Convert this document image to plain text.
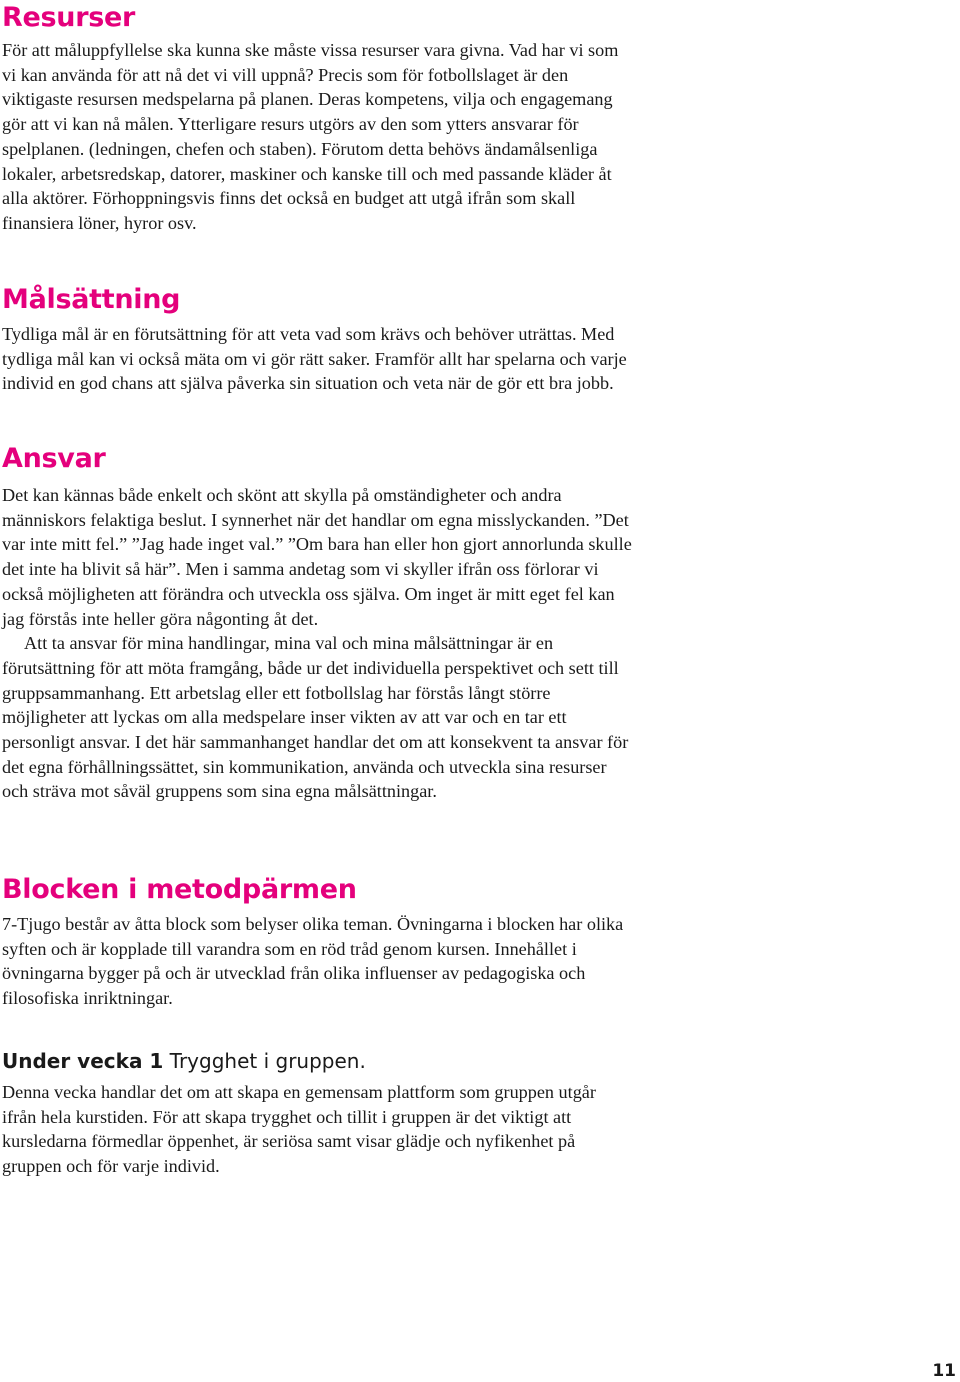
Resurser

För att måluppfyllelse ska kunna ske måste vissa resurser vara givna. Vad har vi som vi kan använda för att nå det vi vill uppnå? Precis som för fotbollslaget är den viktigaste resursen medspelarna på planen. Deras kompetens, vilja och engagemang gör att vi kan nå målen. Ytterligare resurs utgörs av den som ytters ansvarar för spelplanen. (ledningen, chefen och staben). Förutom detta behövs ändamålsenliga lokaler, arbetsredskap, datorer, maskiner och kanske till och med passande kläder åt alla aktörer. Förhoppningsvis finns det också en budget att utgå ifrån som skall finansiera löner, hyror osv.

Målsättning

Tydliga mål är en förutsättning för att veta vad som krävs och behöver uträttas. Med tydliga mål kan vi också mäta om vi gör rätt saker. Framför allt har spelarna och varje individ en god chans att själva påverka sin situation och veta när de gör ett bra jobb.

Ansvar

Det kan kännas både enkelt och skönt att skylla på omständigheter och andra människors felaktiga beslut. I synnerhet när det handlar om egna misslyckanden. ”Det var inte mitt fel.” ”Jag hade inget val.” ”Om bara han eller hon gjort annorlunda skulle det inte ha blivit så här”. Men i samma andetag som vi skyller ifrån oss förlorar vi också möjligheten att förändra och utveckla oss själva. Om inget är mitt eget fel kan jag förstås inte heller göra någonting åt det.

Att ta ansvar för mina handlingar, mina val och mina målsättningar är en förutsättning för att möta framgång, både ur det individuella perspektivet och sett till gruppsammanhang. Ett arbetslag eller ett fotbollslag har förstås långt större möjligheter att lyckas om alla medspelare inser vikten av att var och en tar ett personligt ansvar. I det här sammanhanget handlar det om att konsekvent ta ansvar för det egna förhållningssättet, sin kommunikation, använda och utveckla sina resurser och sträva mot såväl gruppens som sina egna målsättningar.

Blocken i metodpärmen

7-Tjugo består av åtta block som belyser olika teman. Övningarna i blocken har olika syften och är kopplade till varandra som en röd tråd genom kursen. Innehållet i övningarna bygger på och är utvecklad från olika influenser av pedagogiska och filosofiska inriktningar.

Under vecka 1 Trygghet i gruppen.

Denna vecka handlar det om att skapa en gemensam plattform som gruppen utgår ifrån hela kurstiden. För att skapa trygghet och tillit i gruppen är det viktigt att kursledarna förmedlar öppenhet, är seriösa samt visar glädje och nyfikenhet på gruppen och för varje individ.

11
